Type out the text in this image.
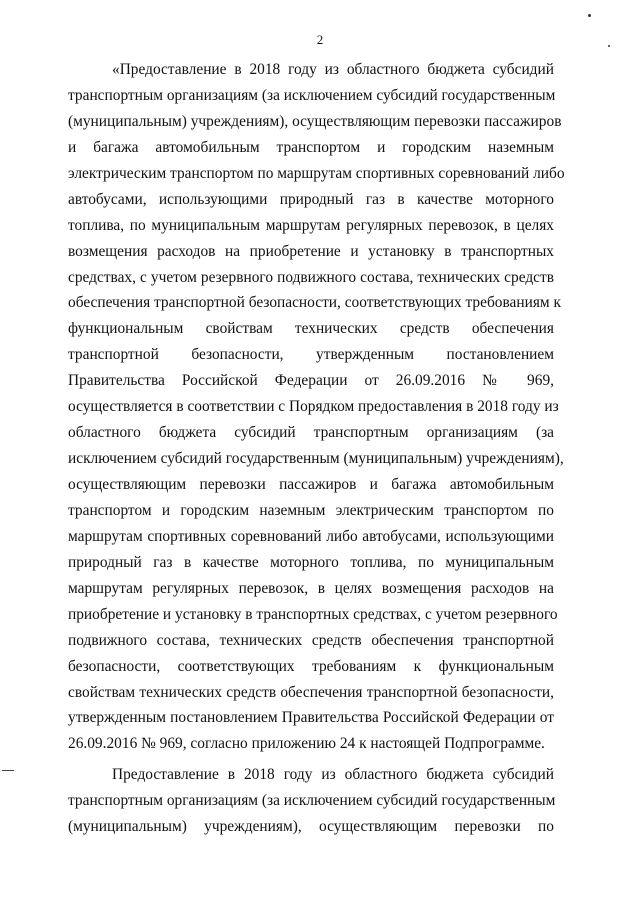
2
«Предоставление в 2018 году из областного бюджета субсидий
транспортным организациям (за исключением субсидий государственным
(муниципальным) учреждениям), осуществляющим перевозки пассажиров
и багажа автомобильным транспортом и городским наземным
электрическим транспортом по маршрутам спортивных соревнований либо
автобусами, использующими природный газ в качестве моторного
топлива, по муниципальным маршрутам регулярных перевозок, в целях
возмещения расходов на приобретение и установку в транспортных
средствах, с учетом резервного подвижного состава, технических средств
обеспечения транспортной безопасности, соответствующих требованиям к
функциональным свойствам технических средств обеспечения
транспортной безопасности, утвержденным постановлением
Правительства Российской Федерации от 26.09.2016 № 969,
осуществляется в соответствии с Порядком предоставления в 2018 году из
областного бюджета субсидий транспортным организациям (за
исключением субсидий государственным (муниципальным) учреждениям),
осуществляющим перевозки пассажиров и багажа автомобильным
транспортом и городским наземным электрическим транспортом по
маршрутам спортивных соревнований либо автобусами, использующими
природный газ в качестве моторного топлива, по муниципальным
маршрутам регулярных перевозок, в целях возмещения расходов на
приобретение и установку в транспортных средствах, с учетом резервного
подвижного состава, технических средств обеспечения транспортной
безопасности, соответствующих требованиям к функциональным
свойствам технических средств обеспечения транспортной безопасности,
утвержденным постановлением Правительства Российской Федерации от
26.09.2016 № 969, согласно приложению 24 к настоящей Подпрограмме.
Предоставление в 2018 году из областного бюджета субсидий
транспортным организациям (за исключением субсидий государственным
(муниципальным) учреждениям), осуществляющим перевозки по
